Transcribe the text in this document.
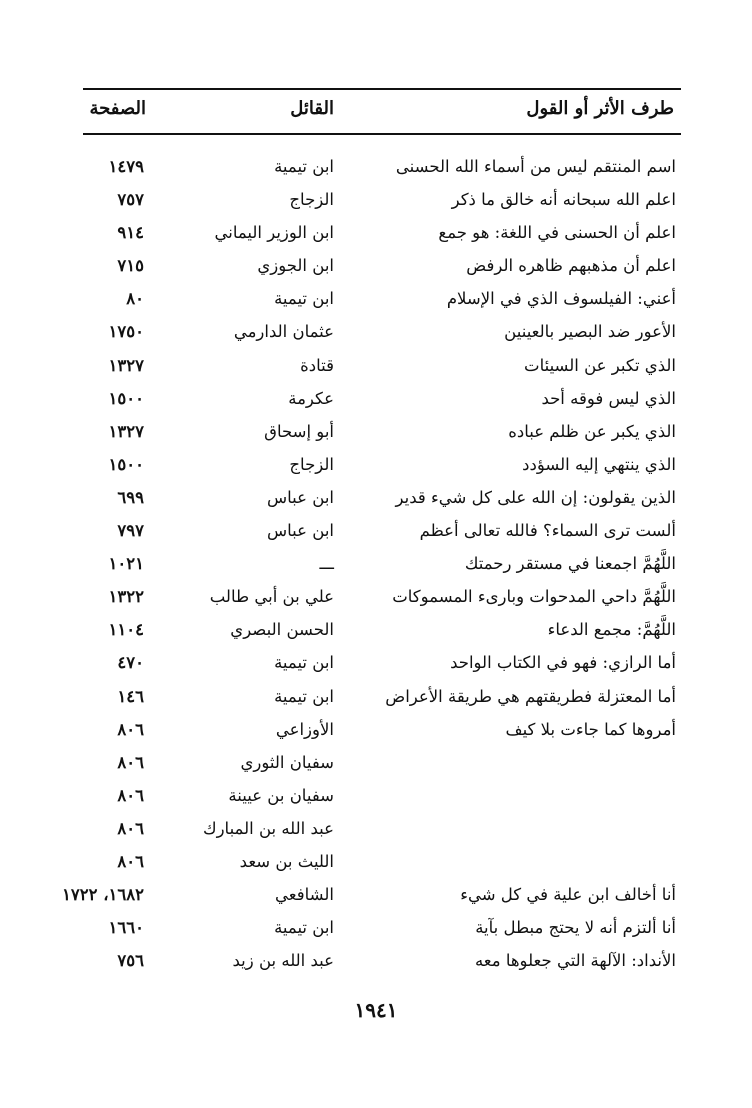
طرف الأثر أو القول
القائل
الصفحة
اسم المنتقم ليس من أسماء الله الحسنى
ابن تيمية
١٤٧٩
اعلم الله سبحانه أنه خالق ما ذكر
الزجاج
٧٥٧
اعلم أن الحسنى في اللغة: هو جمع
ابن الوزير اليماني
٩١٤
اعلم أن مذهبهم ظاهره الرفض
ابن الجوزي
٧١٥
أعني: الفيلسوف الذي في الإسلام
ابن تيمية
٨٠
الأعور ضد البصير بالعينين
عثمان الدارمي
١٧٥٠
الذي تكبر عن السيئات
قتادة
١٣٢٧
الذي ليس فوقه أحد
عكرمة
١٥٠٠
الذي يكبر عن ظلم عباده
أبو إسحاق
١٣٢٧
الذي ينتهي إليه السؤدد
الزجاج
١٥٠٠
الذين يقولون: إن الله على كل شيء قدير
ابن عباس
٦٩٩
ألست ترى السماء؟ فالله تعالى أعظم
ابن عباس
٧٩٧
اللَّهُمَّ اجمعنا في مستقر رحمتك
ـــ
١٠٢١
اللَّهُمَّ داحي المدحوات وبارىء المسموكات
علي بن أبي طالب
١٣٢٢
اللَّهُمَّ: مجمع الدعاء
الحسن البصري
١١٠٤
أما الرازي: فهو في الكتاب الواحد
ابن تيمية
٤٧٠
أما المعتزلة فطريقتهم هي طريقة الأعراض
ابن تيمية
١٤٦
أمروها كما جاءت بلا كيف
الأوزاعي
٨٠٦
سفيان الثوري
٨٠٦
سفيان بن عيينة
٨٠٦
عبد الله بن المبارك
٨٠٦
الليث بن سعد
٨٠٦
أنا أخالف ابن علية في كل شيء
الشافعي
١٦٨٢، ١٧٢٢
أنا ألتزم أنه لا يحتج مبطل بآية
ابن تيمية
١٦٦٠
الأنداد: الآلهة التي جعلوها معه
عبد الله بن زيد
٧٥٦
١٩٤١
